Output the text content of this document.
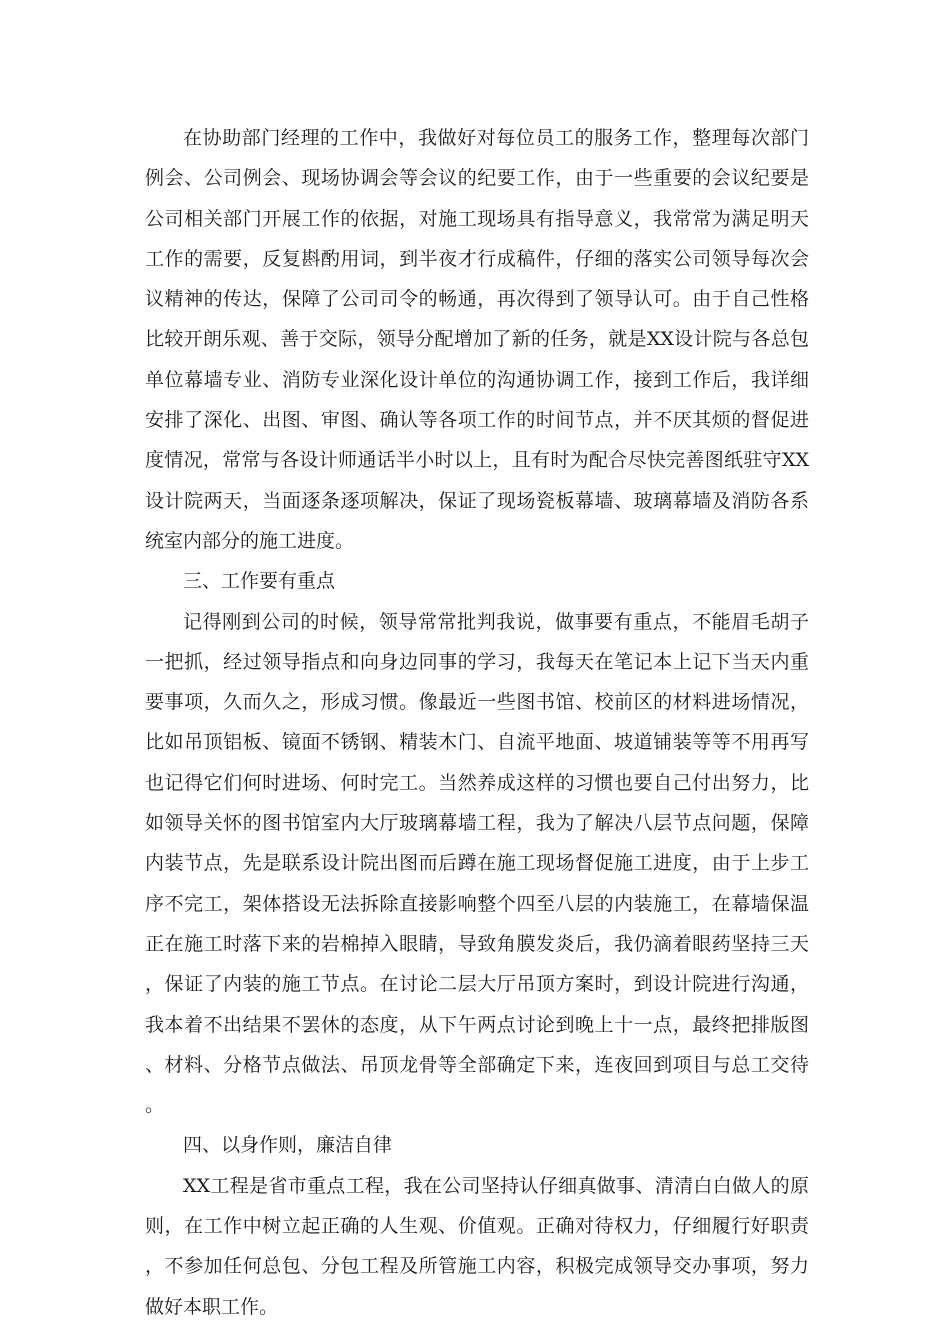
在协助部门经理的工作中，我做好对每位员工的服务工作，整理每次部门例会、公司例会、现场协调会等会议的纪要工作，由于一些重要的会议纪要是公司相关部门开展工作的依据，对施工现场具有指导意义，我常常为满足明天工作的需要，反复斟酌用词，到半夜才行成稿件，仔细的落实公司领导每次会议精神的传达，保障了公司司令的畅通，再次得到了领导认可。由于自己性格比较开朗乐观、善于交际，领导分配增加了新的任务，就是XX设计院与各总包单位幕墙专业、消防专业深化设计单位的沟通协调工作，接到工作后，我详细安排了深化、出图、审图、确认等各项工作的时间节点，并不厌其烦的督促进度情况，常常与各设计师通话半小时以上，且有时为配合尽快完善图纸驻守XX设计院两天，当面逐条逐项解决，保证了现场瓷板幕墙、玻璃幕墙及消防各系统室内部分的施工进度。

三、工作要有重点

记得刚到公司的时候，领导常常批判我说，做事要有重点，不能眉毛胡子一把抓，经过领导指点和向身边同事的学习，我每天在笔记本上记下当天内重要事项，久而久之，形成习惯。像最近一些图书馆、校前区的材料进场情况，比如吊顶铝板、镜面不锈钢、精装木门、自流平地面、坡道铺装等等不用再写也记得它们何时进场、何时完工。当然养成这样的习惯也要自己付出努力，比如领导关怀的图书馆室内大厅玻璃幕墙工程，我为了解决八层节点问题，保障内装节点，先是联系设计院出图而后蹲在施工现场督促施工进度，由于上步工序不完工，架体搭设无法拆除直接影响整个四至八层的内装施工，在幕墙保温正在施工时落下来的岩棉掉入眼睛，导致角膜发炎后，我仍滴着眼药坚持三天，保证了内装的施工节点。在讨论二层大厅吊顶方案时，到设计院进行沟通，我本着不出结果不罢休的态度，从下午两点讨论到晚上十一点，最终把排版图、材料、分格节点做法、吊顶龙骨等全部确定下来，连夜回到项目与总工交待。

四、以身作则，廉洁自律

XX工程是省市重点工程，我在公司坚持认仔细真做事、清清白白做人的原则，在工作中树立起正确的人生观、价值观。正确对待权力，仔细履行好职责，不参加任何总包、分包工程及所管施工内容，积极完成领导交办事项，努力做好本职工作。
